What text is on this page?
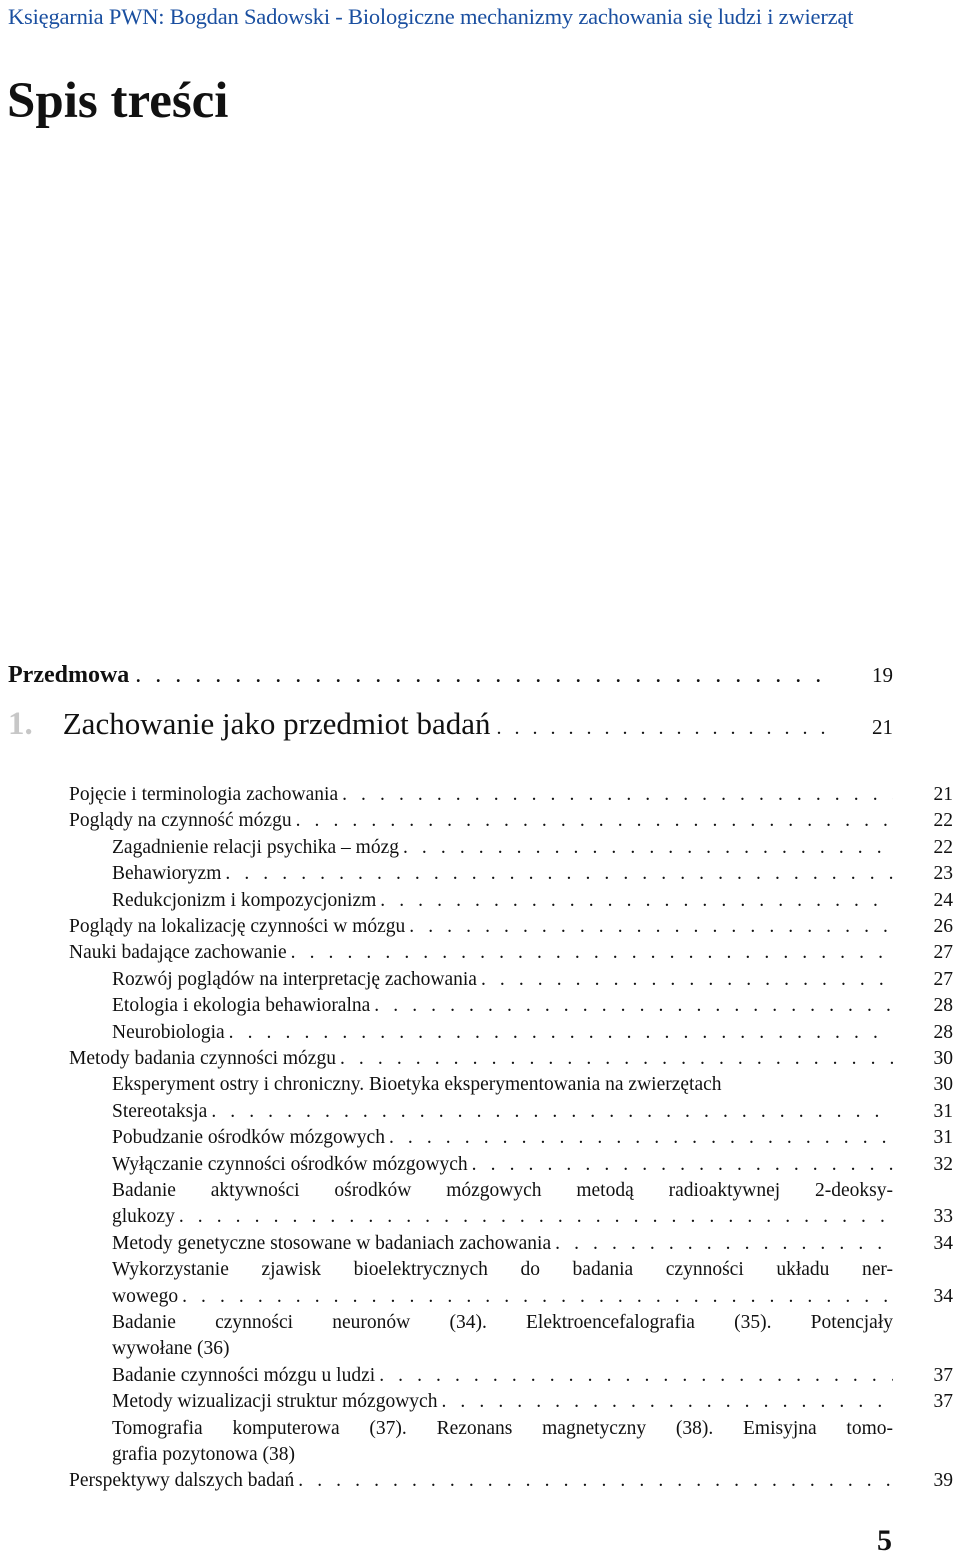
Księgarnia PWN: Bogdan Sadowski - Biologiczne mechanizmy zachowania się ludzi i zwierząt
Spis treści
Przedmowa . . .	19
1. Zachowanie jako przedmiot badań . . .	21
Pojęcie i terminologia zachowania . . .	21
Poglądy na czynność mózgu . . .	22
Zagadnienie relacji psychika – mózg . . .	22
Behawioryzm . . .	23
Redukcjonizm i kompozycjonizm . . .	24
Poglądy na lokalizację czynności w mózgu . . .	26
Nauki badające zachowanie . . .	27
Rozwój poglądów na interpretację zachowania . . .	27
Etologia i ekologia behawioralna . . .	28
Neurobiologia . . .	28
Metody badania czynności mózgu . . .	30
Eksperyment ostry i chroniczny. Bioetyka eksperymentowania na zwierzętach	30
Stereotaksja . . .	31
Pobudzanie ośrodków mózgowych . . .	31
Wyłączanie czynności ośrodków mózgowych . . .	32
Badanie aktywności ośrodków mózgowych metodą radioaktywnej 2-deoksy-
glukozy . . .	33
Metody genetyczne stosowane w badaniach zachowania . . .	34
Wykorzystanie zjawisk bioelektrycznych do badania czynności układu ner-
wowego . . .	34
Badanie czynności neuronów (34). Elektroencefalografia (35). Potencjały
wywołane (36)
Badanie czynności mózgu u ludzi . . .	37
Metody wizualizacji struktur mózgowych . . .	37
Tomografia komputerowa (37). Rezonans magnetyczny (38). Emisyjna tomo-
grafia pozytonowa (38)
Perspektywy dalszych badań . . .	39
5
